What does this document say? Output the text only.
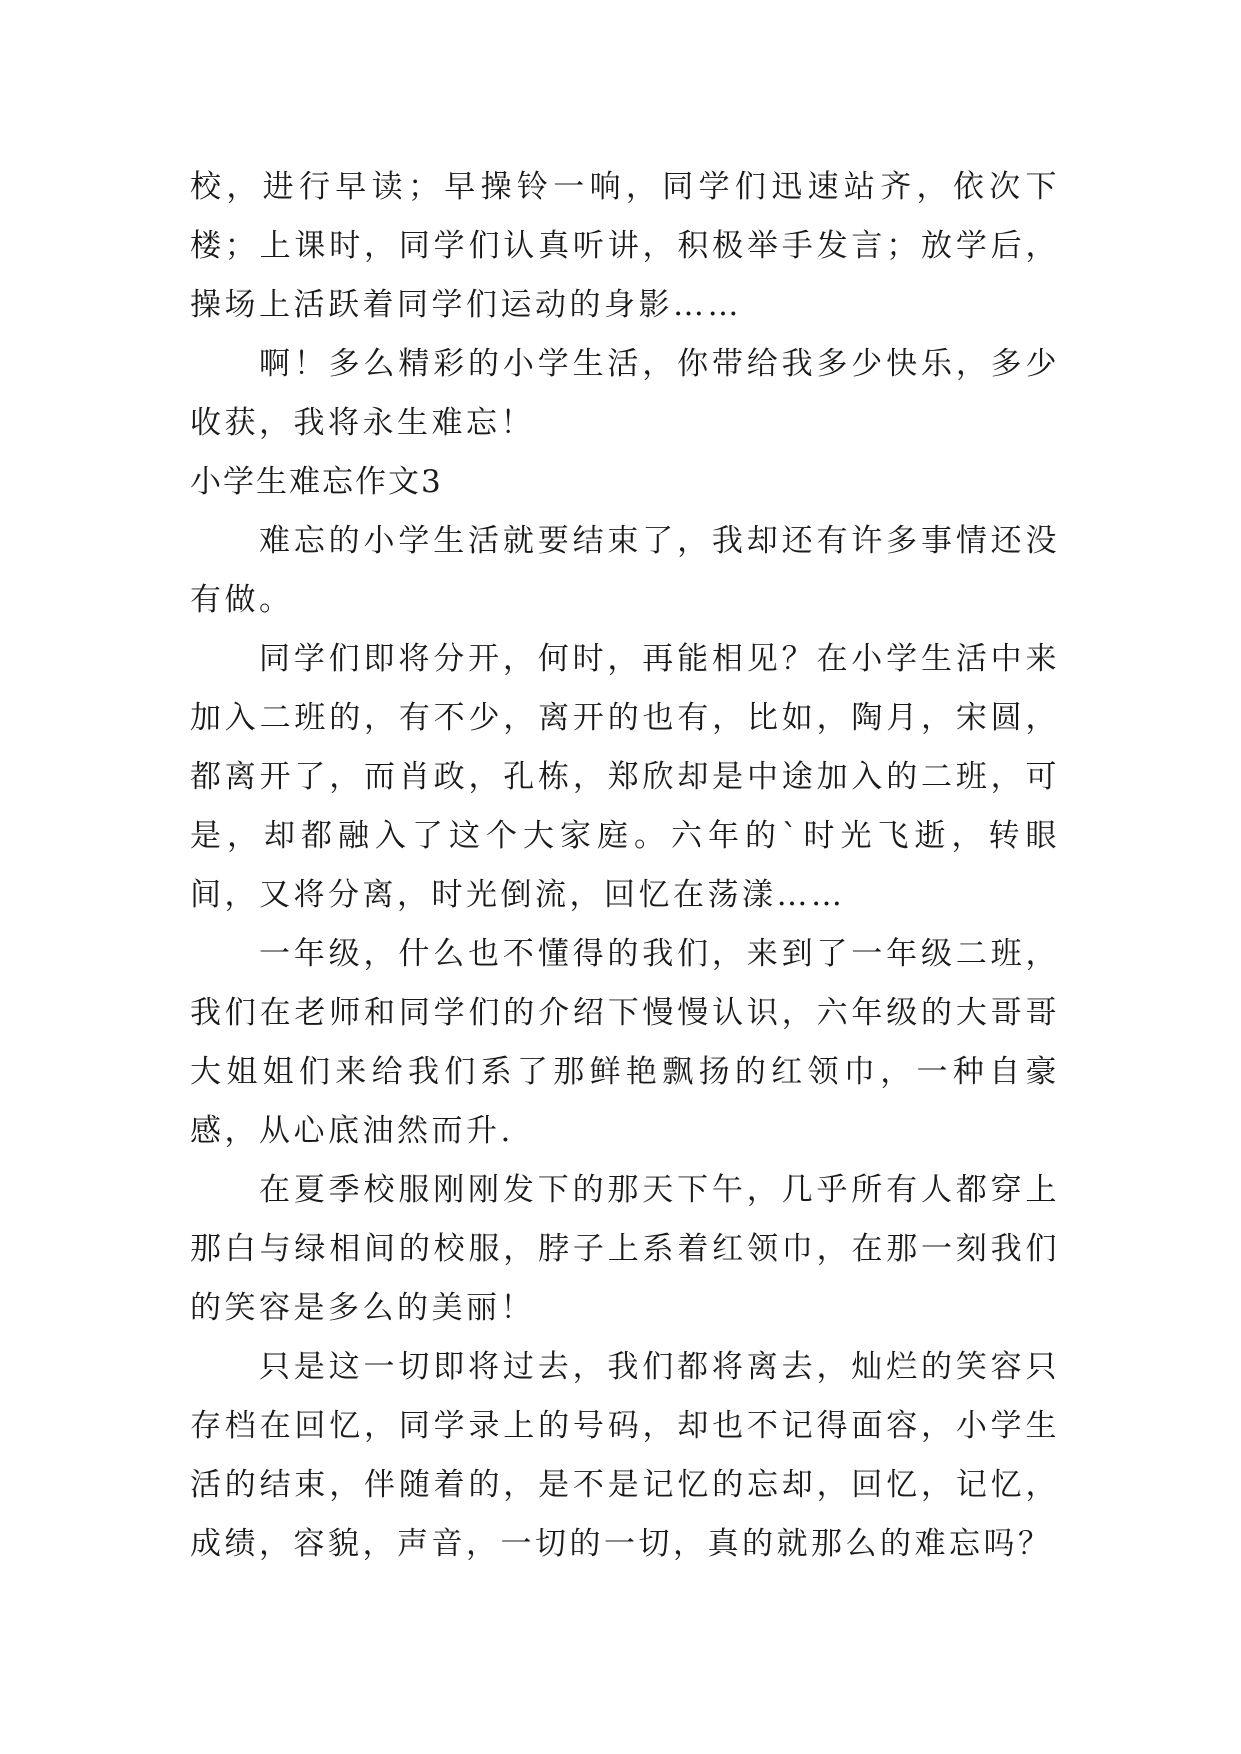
校，进行早读；早操铃一响，同学们迅速站齐，依次下楼；上课时，同学们认真听讲，积极举手发言；放学后，操场上活跃着同学们运动的身影……

啊！多么精彩的小学生活，你带给我多少快乐，多少收获，我将永生难忘！

小学生难忘作文3

难忘的小学生活就要结束了，我却还有许多事情还没有做。

同学们即将分开，何时，再能相见？在小学生活中来加入二班的，有不少，离开的也有，比如，陶月，宋圆，都离开了，而肖政，孔栋，郑欣却是中途加入的二班，可是，却都融入了这个大家庭。六年的`时光飞逝，转眼间，又将分离，时光倒流，回忆在荡漾……

一年级，什么也不懂得的我们，来到了一年级二班，我们在老师和同学们的介绍下慢慢认识，六年级的大哥哥大姐姐们来给我们系了那鲜艳飘扬的红领巾，一种自豪感，从心底油然而升.

在夏季校服刚刚发下的那天下午，几乎所有人都穿上那白与绿相间的校服，脖子上系着红领巾，在那一刻我们的笑容是多么的美丽！

只是这一切即将过去，我们都将离去，灿烂的笑容只存档在回忆，同学录上的号码，却也不记得面容，小学生活的结束，伴随着的，是不是记忆的忘却，回忆，记忆，成绩，容貌，声音，一切的一切，真的就那么的难忘吗？
